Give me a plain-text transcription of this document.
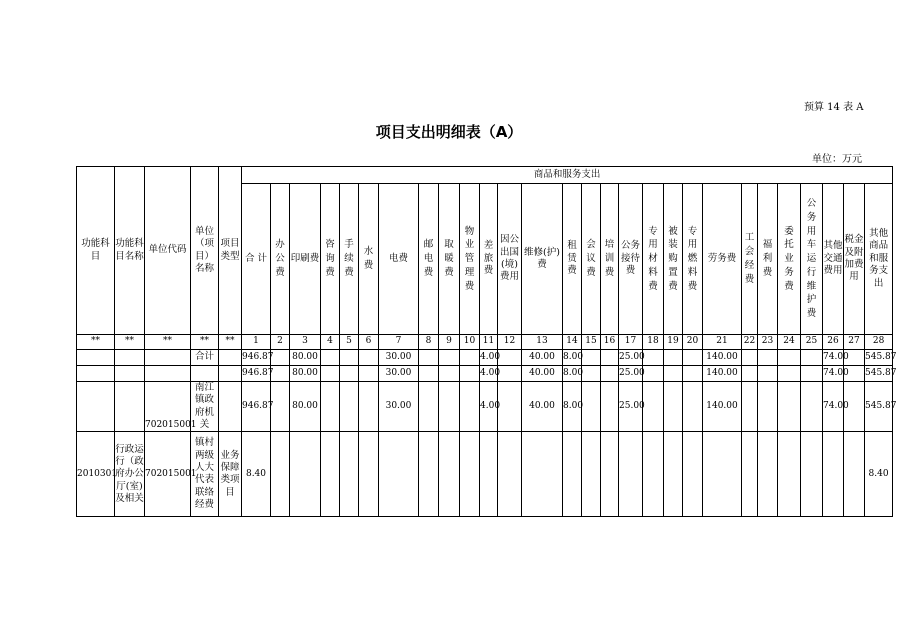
预算 14 表 A
项目支出明细表（A）
单位：万元
功能科目	功能科目名称	单位代码	单位（项目）名称	项目类型	商品和服务支出																											
					合 计	办公费	印刷费	咨询费	手续费	水费	电费	邮电费	取暖费	物业管理费	差旅费	因公出国(境)费用	维修(护)费	租赁费	会议费	培训费	公务接待费	专用材料费	被装购置费	专用燃料费	劳务费	工会经费	福利费	委托业务费	公务用车运行维护费	其他交通费用	税金及附加费用	其他商品和服务支出
**	**	**	**	**	1	2	3	4	5	6	7	8	9	10	11	12	13	14	15	16	17	18	19	20	21	22	23	24	25	26	27	28
			合计		946.87		80.00				30.00				4.00		40.00	8.00			25.00				140.00					74.00		545.87
					946.87		80.00				30.00				4.00		40.00	8.00			25.00				140.00					74.00		545.87
		702015001	南江镇政府机关		946.87		80.00				30.00				4.00		40.00	8.00			25.00				140.00					74.00		545.87
2010301	行政运行（政府办公厅(室)及相关	702015001	镇村两级人大代表联络经费	业务保障类项目	8.40																											8.40
